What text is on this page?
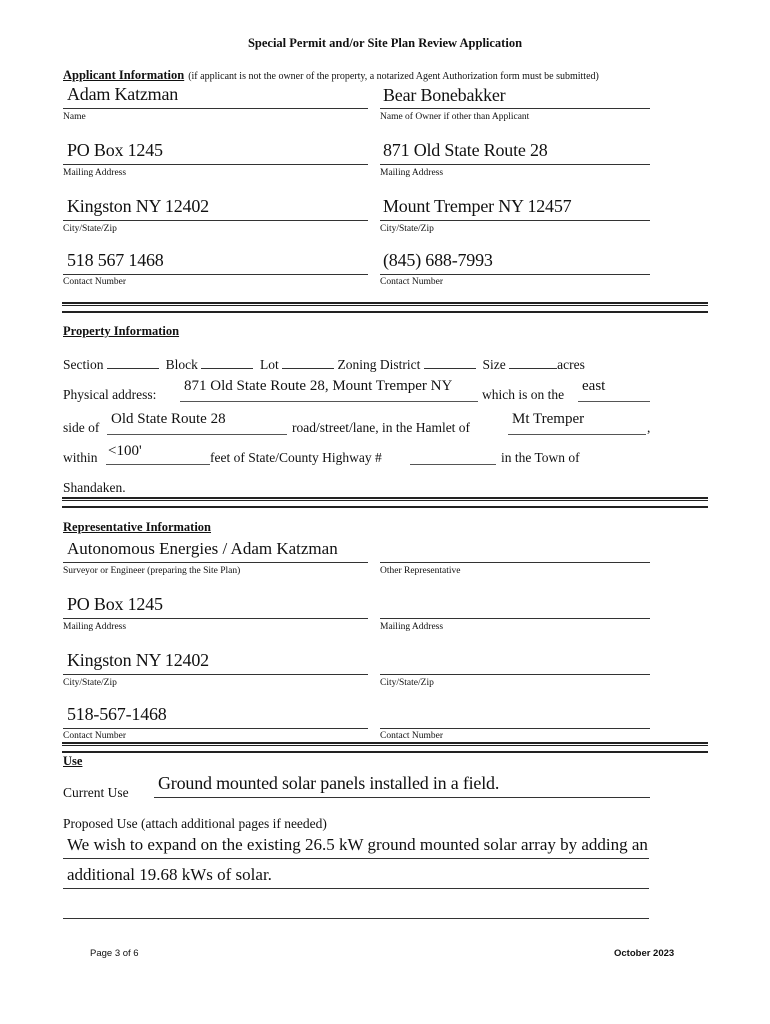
Special Permit and/or Site Plan Review Application
Applicant Information (if applicant is not the owner of the property, a notarized Agent Authorization form must be submitted)
Adam Katzman
Name
Bear Bonebakker
Name of Owner if other than Applicant
PO Box 1245
Mailing Address
871 Old State Route 28
Mailing Address
Kingston NY 12402
City/State/Zip
Mount Tremper NY 12457
City/State/Zip
518 567 1468
Contact Number
(845) 688-7993
Contact Number
Property Information
Section	Block	Lot	Zoning District	Size	acres
Physical address:
871 Old State Route 28, Mount Tremper NY
which is on the
east
side of
Old State Route 28
road/street/lane, in the Hamlet of
Mt Tremper
,
within <100'	feet of State/County Highway #	in the Town of
Shandaken.
Representative Information
Autonomous Energies / Adam Katzman
Surveyor or Engineer (preparing the Site Plan)	Other Representative
PO Box 1245
Mailing Address	Mailing Address
Kingston NY 12402
City/State/Zip	City/State/Zip
518-567-1468
Contact Number	Contact Number
Use
Current Use Ground mounted solar panels installed in a field.
Proposed Use (attach additional pages if needed)
We wish to expand on the existing 26.5 kW ground mounted solar array by adding an
additional 19.68 kWs of solar.
Page 3 of 6	October 2023
